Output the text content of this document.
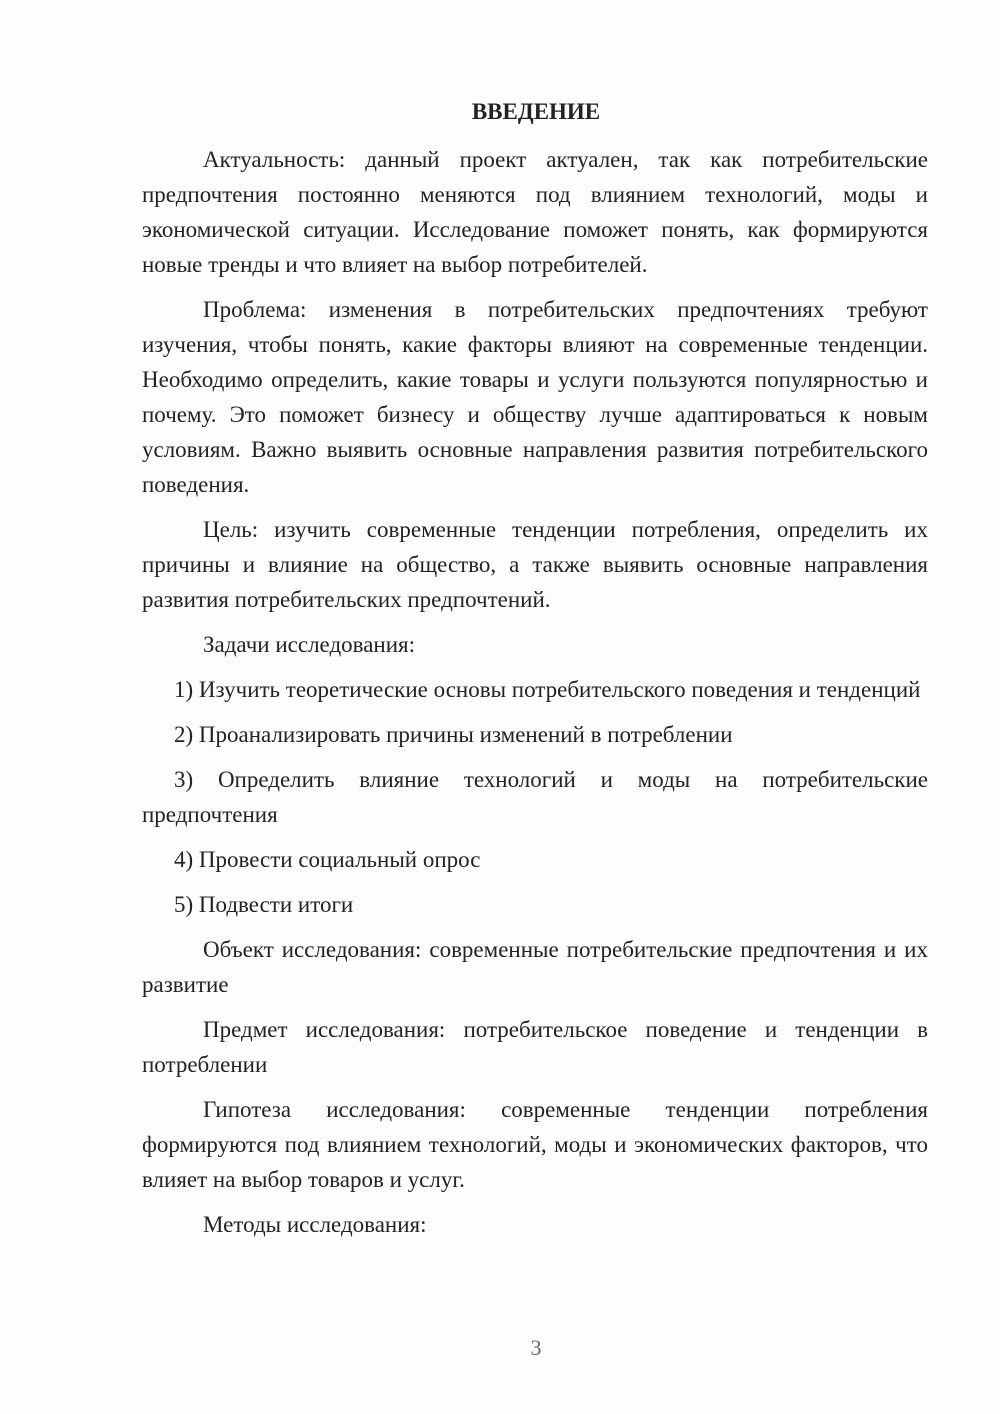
ВВЕДЕНИЕ

Актуальность: данный проект актуален, так как потребительские предпочтения постоянно меняются под влиянием технологий, моды и экономической ситуации. Исследование поможет понять, как формируются новые тренды и что влияет на выбор потребителей.

Проблема: изменения в потребительских предпочтениях требуют изучения, чтобы понять, какие факторы влияют на современные тенденции. Необходимо определить, какие товары и услуги пользуются популярностью и почему. Это поможет бизнесу и обществу лучше адаптироваться к новым условиям. Важно выявить основные направления развития потребительского поведения.

Цель: изучить современные тенденции потребления, определить их причины и влияние на общество, а также выявить основные направления развития потребительских предпочтений.

Задачи исследования:

1) Изучить теоретические основы потребительского поведения и тенденций

2) Проанализировать причины изменений в потреблении

3) Определить влияние технологий и моды на потребительские предпочтения

4) Провести социальный опрос

5) Подвести итоги

Объект исследования: современные потребительские предпочтения и их развитие

Предмет исследования: потребительское поведение и тенденции в потреблении

Гипотеза исследования: современные тенденции потребления формируются под влиянием технологий, моды и экономических факторов, что влияет на выбор товаров и услуг.

Методы исследования:

3
